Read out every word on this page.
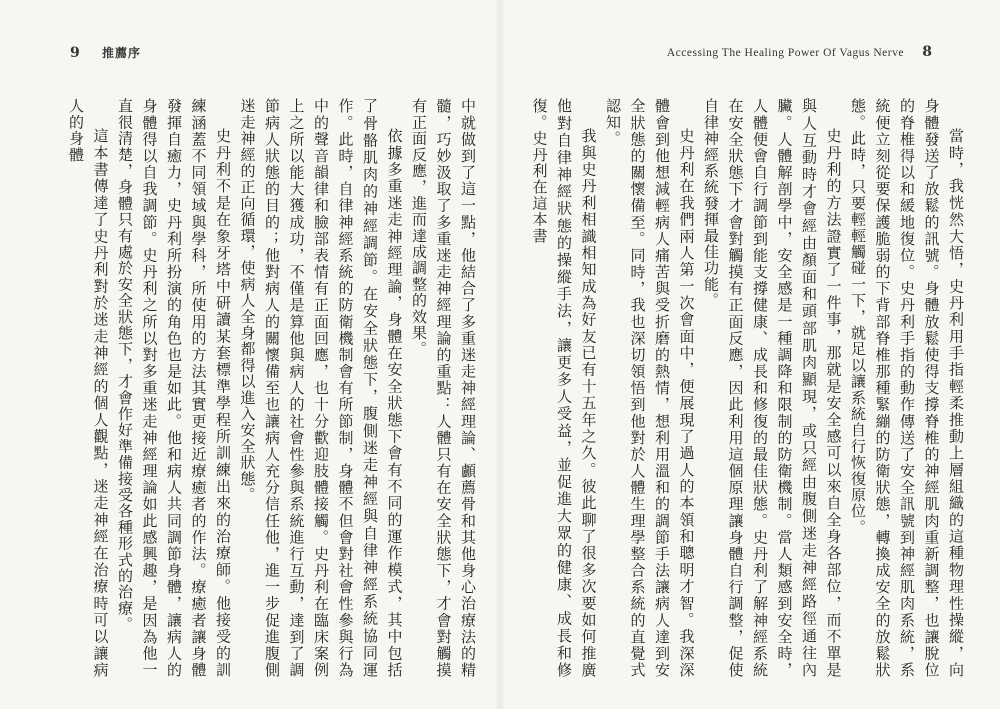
9 推薦序

中就做到了這一點，他結合了多重迷走神經理論、顱薦骨和其他身心治療法的精髓，巧妙汲取了多重迷走神經理論的重點：人體只有在安全狀態下，才會對觸摸有正面反應，進而達成調整的效果。

依據多重迷走神經理論，身體在安全狀態下會有不同的運作模式，其中包括了骨骼肌肉的神經調節。在安全狀態下，腹側迷走神經與自律神經系統協同運作。此時，自律神經系統的防衛機制會有所節制，身體不但會對社會性參與行為中的聲音韻律和臉部表情有正面回應，也十分歡迎肢體接觸。史丹利在臨床案例上之所以能大獲成功，不僅是算他與病人的社會性參與系統進行互動，達到了調節病人狀態的目的；他對病人的關懷備至也讓病人充分信任他，進一步促進腹側迷走神經的正向循環，使病人全身都得以進入安全狀態。

史丹利不是在象牙塔中研讀某套標準學程所訓練出來的治療師。他接受的訓練涵蓋不同領域與學科，所使用的方法其實更接近療癒者的作法。療癒者讓身體發揮自癒力，史丹利所扮演的角色也是如此。他和病人共同調節身體，讓病人的身體得以自我調節。史丹利之所以對多重迷走神經理論如此感興趣，是因為他一直很清楚，身體只有處於安全狀態下，才會作好準備接受各種形式的治療。

這本書傳達了史丹利對於迷走神經的個人觀點，迷走神經在治療時可以讓病人的身體

Accessing The Healing Power Of Vagus Nerve 8

當時，我恍然大悟，史丹利用手指輕柔推動上層組織的這種物理性操縱，向身體發送了放鬆的訊號。身體放鬆使得支撐脊椎的神經肌肉重新調整，也讓脫位的脊椎得以和緩地復位。史丹利手指的動作傳送了安全訊號到神經肌肉系統，系統便立刻從要保護脆弱的下背部脊椎那種緊繃的防衛狀態，轉換成安全的放鬆狀態。此時，只要輕輕觸碰一下，就足以讓系統自行恢復原位。

史丹利的方法證實了一件事，那就是安全感可以來自全身各部位，而不單是與人互動時才會經由顏面和頭部肌肉顯現，或只經由腹側迷走神經路徑通往內臟。人體解剖學中，安全感是一種調降和限制的防衛機制。當人類感到安全時，人體便會自行調節到能支撐健康、成長和修復的最佳狀態。史丹利了解神經系統在安全狀態下才會對觸摸有正面反應，因此利用這個原理讓身體自行調整，促使自律神經系統發揮最佳功能。

史丹利在我們兩人第一次會面中，便展現了過人的本領和聰明才智。我深深體會到他想減輕病人痛苦與受折磨的熱情，想利用溫和的調節手法讓病人達到安全狀態的關懷備至。同時，我也深切領悟到他對於人體生理學整合系統的直覺式認知。

我與史丹利相識相知成為好友已有十五年之久。彼此聊了很多次要如何推廣他對自律神經狀態的操縱手法，讓更多人受益，並促進大眾的健康、成長和修復。史丹利在這本書
